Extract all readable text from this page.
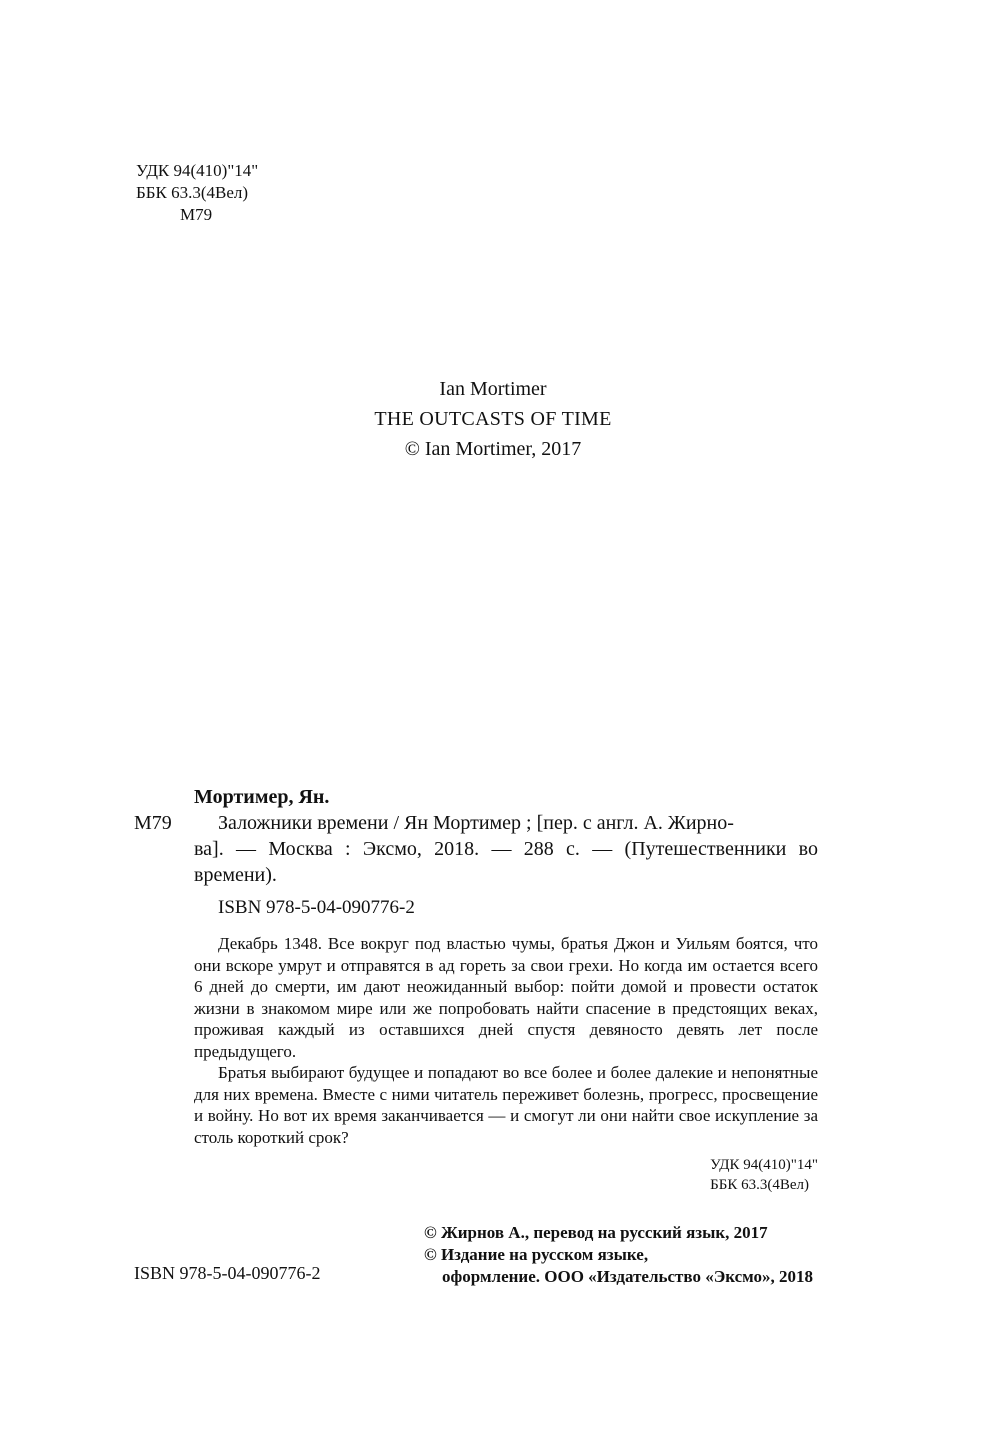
УДК 94(410)"14"
ББК 63.3(4Вел)
М79
Ian Mortimer
THE OUTCASTS OF TIME
© Ian Mortimer, 2017
Мортимер, Ян.
М79 Заложники времени / Ян Мортимер ; [пер. с англ. А. Жирно-
ва]. — Москва : Эксмо, 2018. — 288 с. — (Путешественники во времени).
ISBN 978-5-04-090776-2

Декабрь 1348. Все вокруг под властью чумы, братья Джон и Уильям боятся, что они вскоре умрут и отправятся в ад гореть за свои грехи. Но когда им остается всего 6 дней до смерти, им дают неожиданный выбор: пойти домой и провести остаток жизни в знакомом мире или же попробовать найти спасение в предстоящих веках, проживая каждый из оставшихся дней спустя девяносто девять лет после предыдущего.

Братья выбирают будущее и попадают во все более и более далекие и непонятные для них времена. Вместе с ними читатель переживет болезнь, прогресс, просвещение и войну. Но вот их время заканчивается — и смогут ли они найти свое искупление за столь короткий срок?

УДК 94(410)"14"
ББК 63.3(4Вел)
© Жирнов А., перевод на русский язык, 2017
© Издание на русском языке,
оформление. ООО «Издательство «Эксмо», 2018
ISBN 978-5-04-090776-2
